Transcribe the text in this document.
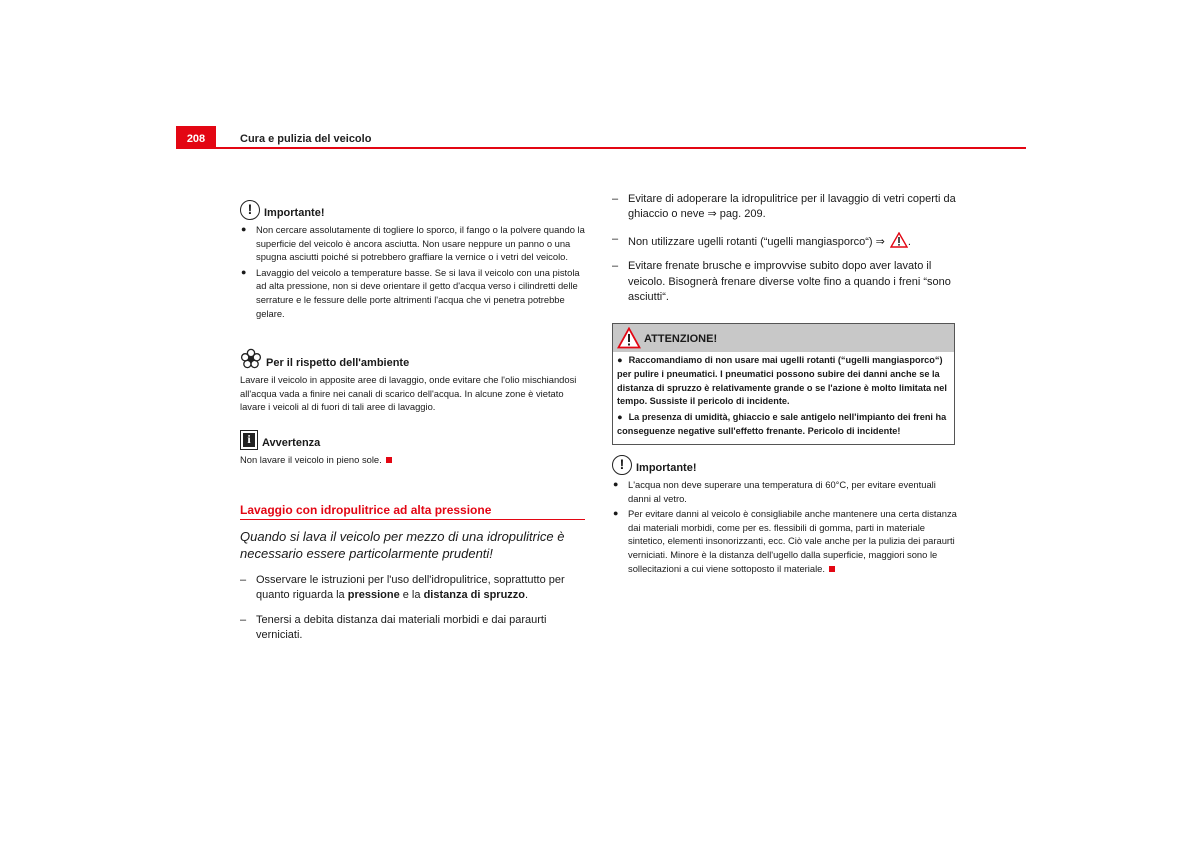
208	Cura e pulizia del veicolo
!	Importante!
● Non cercare assolutamente di togliere lo sporco, il fango o la polvere quando la superficie del veicolo è ancora asciutta. Non usare neppure un panno o una spugna asciutti poiché si potrebbero graffiare la vernice o i vetri del veicolo.
● Lavaggio del veicolo a temperature basse. Se si lava il veicolo con una pistola ad alta pressione, non si deve orientare il getto d'acqua verso i cilindretti delle serrature e le fessure delle porte altrimenti l'acqua che vi penetra potrebbe gelare.
Per il rispetto dell'ambiente

Lavare il veicolo in apposite aree di lavaggio, onde evitare che l'olio mischiandosi all'acqua vada a finire nei canali di scarico dell'acqua. In alcune zone è vietato lavare i veicoli al di fuori di tali aree di lavaggio.

i	Avvertenza

Non lavare il veicolo in pieno sole.

Lavaggio con idropulitrice ad alta pressione
Quando si lava il veicolo per mezzo di una idropulitrice è necessario essere particolarmente prudenti!
– Osservare le istruzioni per l'uso dell'idropulitrice, soprattutto per quanto riguarda la pressione e la distanza di spruzzo.
– Tenersi a debita distanza dai materiali morbidi e dai paraurti verniciati.
– Evitare di adoperare la idropulitrice per il lavaggio di vetri coperti da ghiaccio o neve ⇒ pag. 209.
– Non utilizzare ugelli rotanti (“ugelli mangiasporco“) ⇒ .
– Evitare frenate brusche e improvvise subito dopo aver lavato il veicolo. Bisognerà frenare diverse volte fino a quando i freni “sono asciutti“.
ATTENZIONE!
● Raccomandiamo di non usare mai ugelli rotanti (“ugelli mangiasporco“) per pulire i pneumatici. I pneumatici possono subire dei danni anche se la distanza di spruzzo è relativamente grande o se l'azione è molto limitata nel tempo. Sussiste il pericolo di incidente.
● La presenza di umidità, ghiaccio e sale antigelo nell'impianto dei freni ha conseguenze negative sull'effetto frenante. Pericolo di incidente!
!	Importante!
● L'acqua non deve superare una temperatura di 60°C, per evitare eventuali danni al vetro.
● Per evitare danni al veicolo è consigliabile anche mantenere una certa distanza dai materiali morbidi, come per es. flessibili di gomma, parti in materiale sintetico, elementi insonorizzanti, ecc. Ciò vale anche per la pulizia dei paraurti verniciati. Minore è la distanza dell'ugello dalla superficie, maggiori sono le sollecitazioni a cui viene sottoposto il materiale.
